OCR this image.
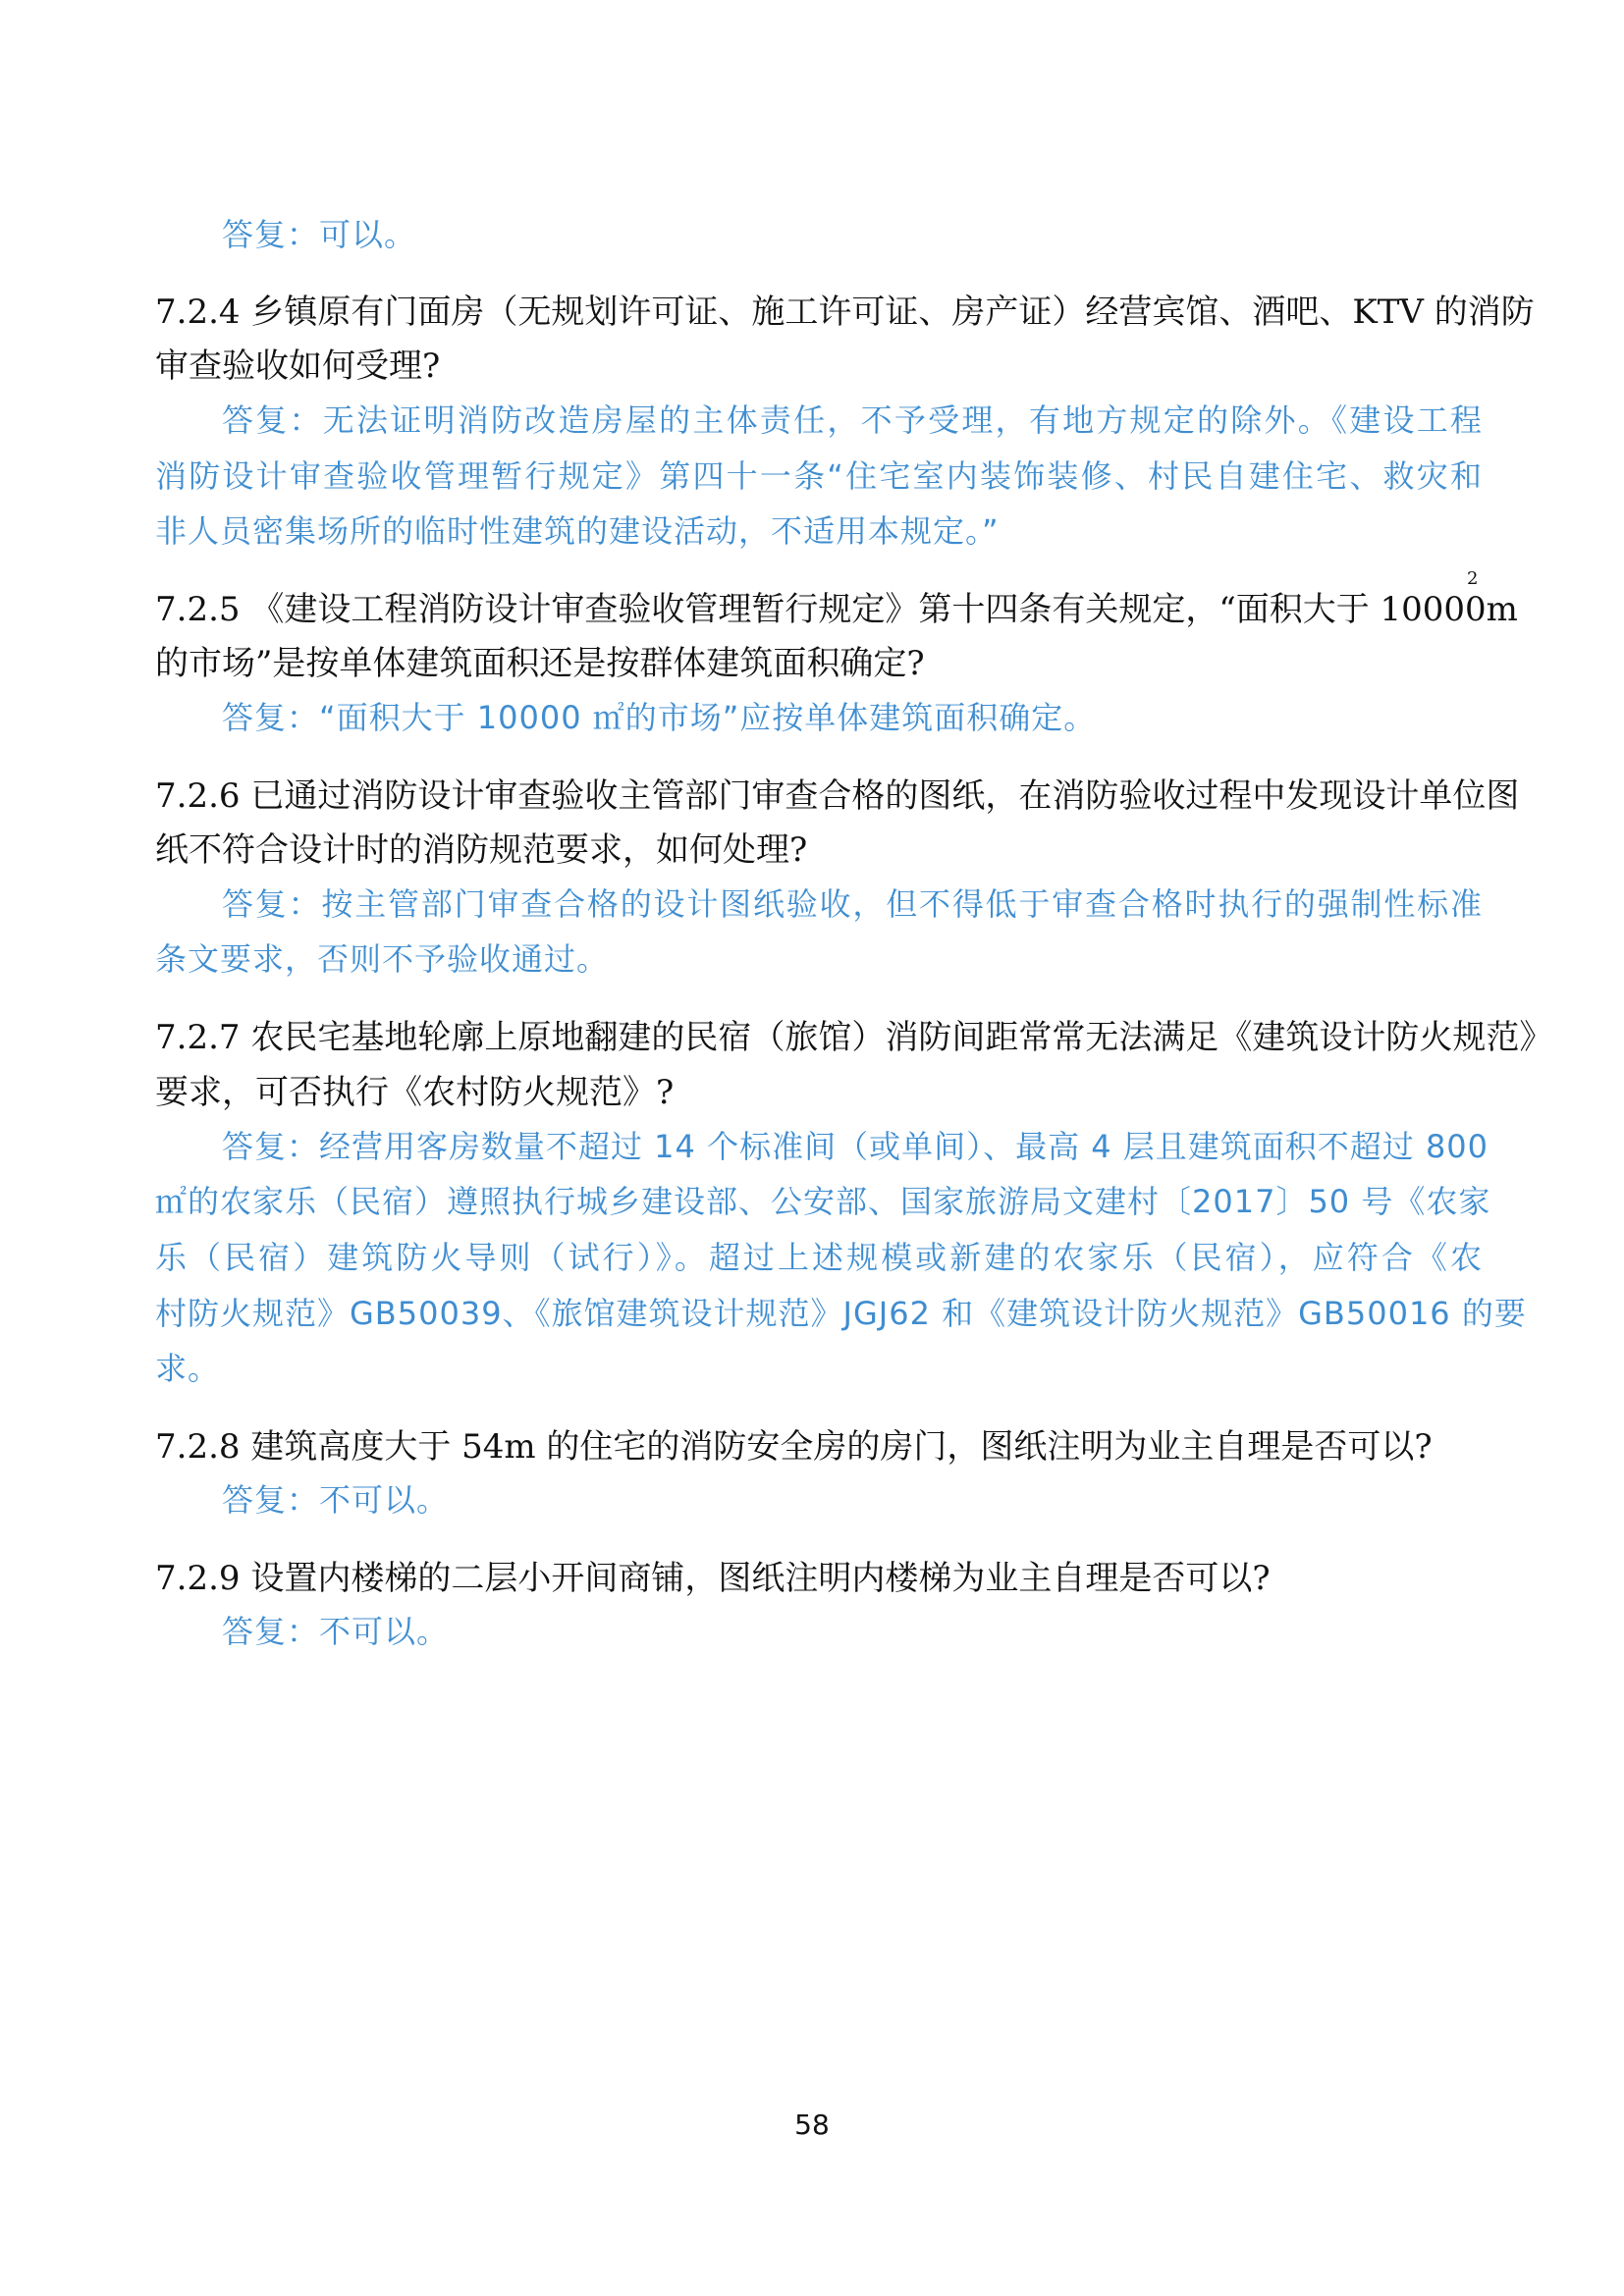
答复：可以。
7.2.4 乡镇原有门面房（无规划许可证、施工许可证、房产证）经营宾馆、酒吧、KTV 的消防
审查验收如何受理?
答复：无法证明消防改造房屋的主体责任，不予受理，有地方规定的除外。《建设工程
消防设计审查验收管理暂行规定》第四十一条“住宅室内装饰装修、村民自建住宅、救灾和
非人员密集场所的临时性建筑的建设活动，不适用本规定。”
7.2.5 《建设工程消防设计审查验收管理暂行规定》第十四条有关规定，“面积大于 10000m
2
的市场”是按单体建筑面积还是按群体建筑面积确定?
答复：“面积大于 10000 ㎡的市场”应按单体建筑面积确定。
7.2.6 已通过消防设计审查验收主管部门审查合格的图纸，在消防验收过程中发现设计单位图
纸不符合设计时的消防规范要求，如何处理?
答复：按主管部门审查合格的设计图纸验收，但不得低于审查合格时执行的强制性标准
条文要求，否则不予验收通过。
7.2.7 农民宅基地轮廓上原地翻建的民宿（旅馆）消防间距常常无法满足《建筑设计防火规范》
要求，可否执行《农村防火规范》?
答复：经营用客房数量不超过 14 个标准间（或单间）、最高 4 层且建筑面积不超过 800
㎡的农家乐（民宿）遵照执行城乡建设部、公安部、国家旅游局文建村〔2017〕50 号《农家
乐（民宿）建筑防火导则（试行）》。超过上述规模或新建的农家乐（民宿），应符合《农
村防火规范》GB50039、《旅馆建筑设计规范》JGJ62 和《建筑设计防火规范》GB50016 的要
求。
7.2.8 建筑高度大于 54m 的住宅的消防安全房的房门，图纸注明为业主自理是否可以?
答复：不可以。
7.2.9 设置内楼梯的二层小开间商铺，图纸注明内楼梯为业主自理是否可以?
答复：不可以。
58
